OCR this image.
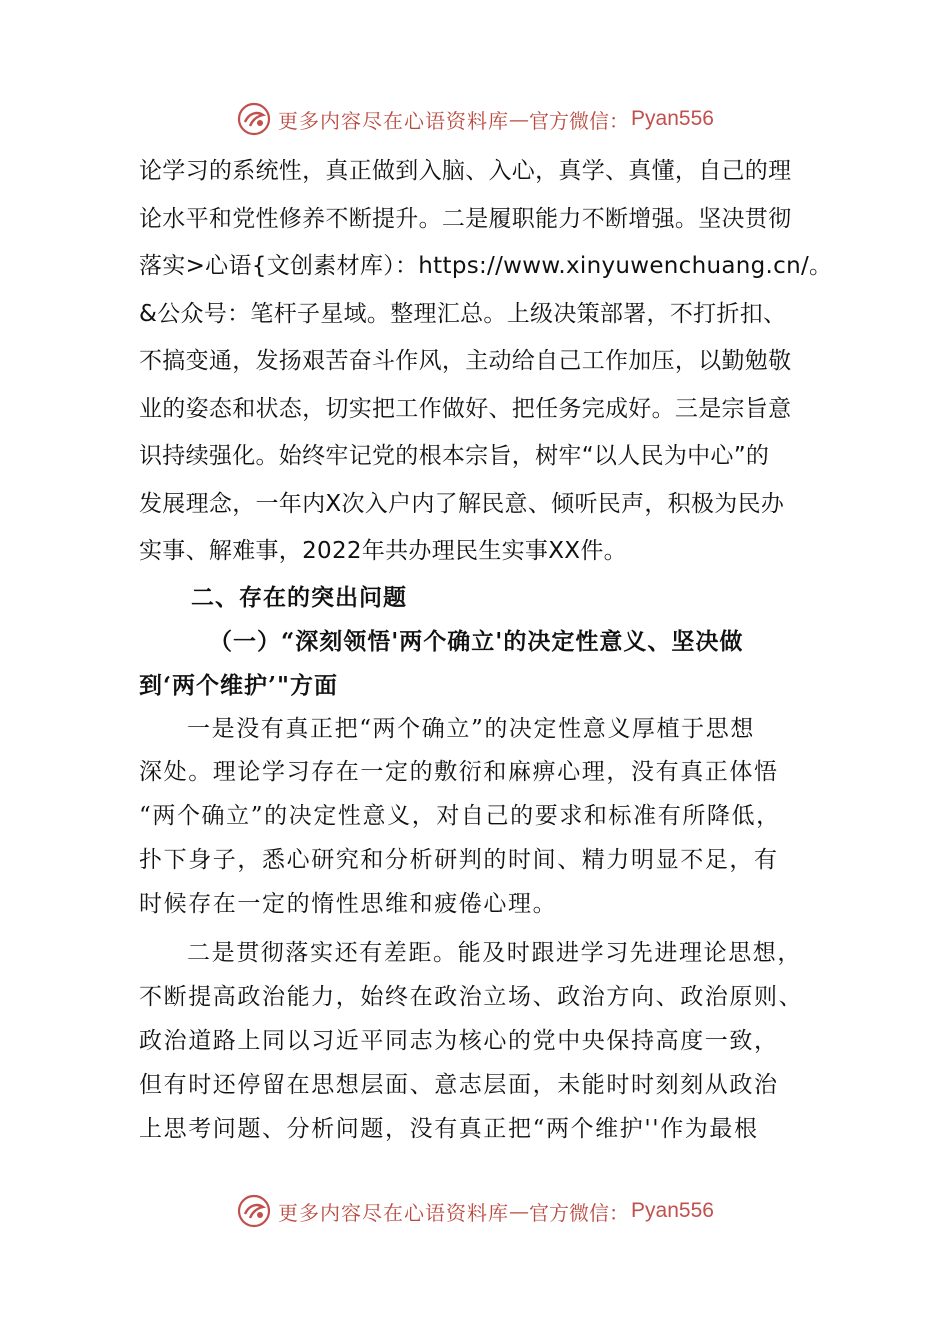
更多内容尽在心语资料库 — 官方微信： Pyan556
论学习的系统性，真正做到入脑、入心，真学、真懂，自己的理
论水平和党性修养不断提升。二是履职能力不断增强。坚决贯彻
落实>心语{文创素材库）：https://www.xinyuwenchuang.cn/。
&公众号：笔杆子星域。整理汇总。上级决策部署，不打折扣、
不搞变通，发扬艰苦奋斗作风，主动给自己工作加压，以勤勉敬
业的姿态和状态，切实把工作做好、把任务完成好。三是宗旨意
识持续强化。始终牢记党的根本宗旨，树牢“以人民为中心”的
发展理念，一年内X次入户内了解民意、倾听民声，积极为民办
实事、解难事，2022年共办理民生实事XX件。
二、存在的突出问题
（一）“深刻领悟'两个确立'的决定性意义、坚决做
到‘两个维护’"方面
一是没有真正把“两个确立”的决定性意义厚植于思想
深处。理论学习存在一定的敷衍和麻痹心理，没有真正体悟
“两个确立”的决定性意义，对自己的要求和标准有所降低，
扑下身子，悉心研究和分析研判的时间、精力明显不足，有
时候存在一定的惰性思维和疲倦心理。
二是贯彻落实还有差距。能及时跟进学习先进理论思想，
不断提高政治能力，始终在政治立场、政治方向、政治原则、
政治道路上同以习近平同志为核心的党中央保持高度一致，
但有时还停留在思想层面、意志层面，未能时时刻刻从政治
上思考问题、分析问题，没有真正把“两个维护''作为最根
更多内容尽在心语资料库 — 官方微信： Pyan556
